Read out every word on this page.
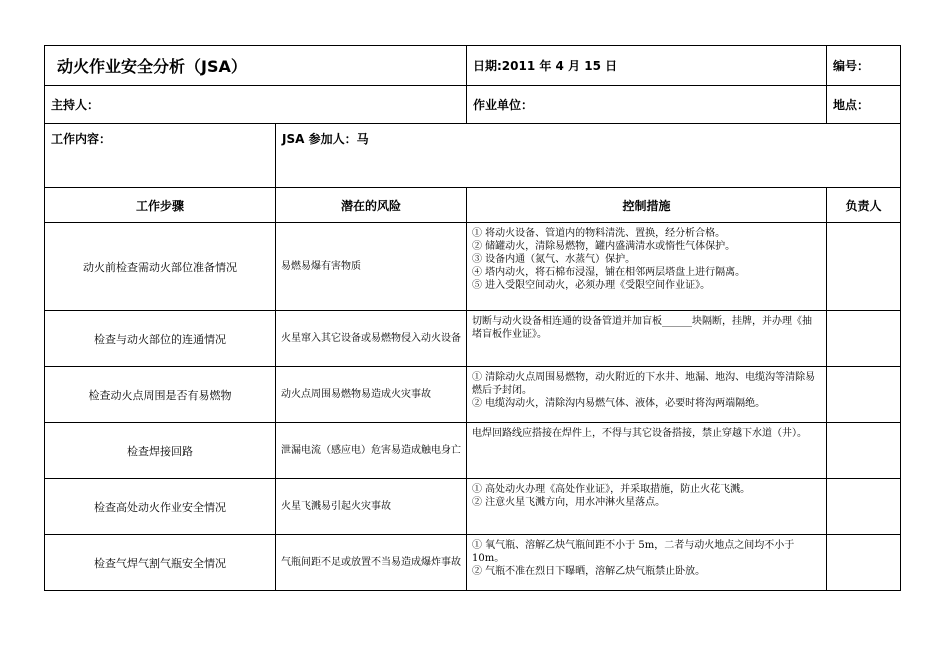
动火作业安全分析（JSA）		日期:2011 年 4 月 15 日	编号：
主持人：		作业单位：	地点：
工作内容：	JSA 参加人：马		
工作步骤	潜在的风险	控制措施	负责人
动火前检查需动火部位准备情况	易燃易爆有害物质	① 将动火设备、管道内的物料清洗、置换，经分析合格。
② 储罐动火，清除易燃物，罐内盛满清水或惰性气体保护。
③ 设备内通（氮气、水蒸气）保护。
④ 塔内动火，将石棉布浸湿，铺在相邻两层塔盘上进行隔离。
⑤ 进入受限空间动火，必须办理《受限空间作业证》。	

检查与动火部位的连通情况	火星窜入其它设备或易燃物侵入动火设备	切断与动火设备相连通的设备管道并加盲板______块隔断，挂牌，并办理《抽堵盲板作业证》。	

检查动火点周围是否有易燃物	动火点周围易燃物易造成火灾事故	① 清除动火点周围易燃物，动火附近的下水井、地漏、地沟、电缆沟等清除易燃后予封闭。
② 电缆沟动火，清除沟内易燃气体、液体，必要时将沟两端隔绝。	

检查焊接回路	泄漏电流（感应电）危害易造成触电身亡	电焊回路线应搭接在焊件上，不得与其它设备搭接，禁止穿越下水道（井）。	

检查高处动火作业安全情况	火星飞溅易引起火灾事故	① 高处动火办理《高处作业证》，并采取措施，防止火花飞溅。
② 注意火星飞溅方向，用水冲淋火星落点。	

检查气焊气割气瓶安全情况	气瓶间距不足或放置不当易造成爆炸事故	① 氧气瓶、溶解乙炔气瓶间距不小于 5m，二者与动火地点之间均不小于 10m。
② 气瓶不准在烈日下曝晒，溶解乙炔气瓶禁止卧放。	
